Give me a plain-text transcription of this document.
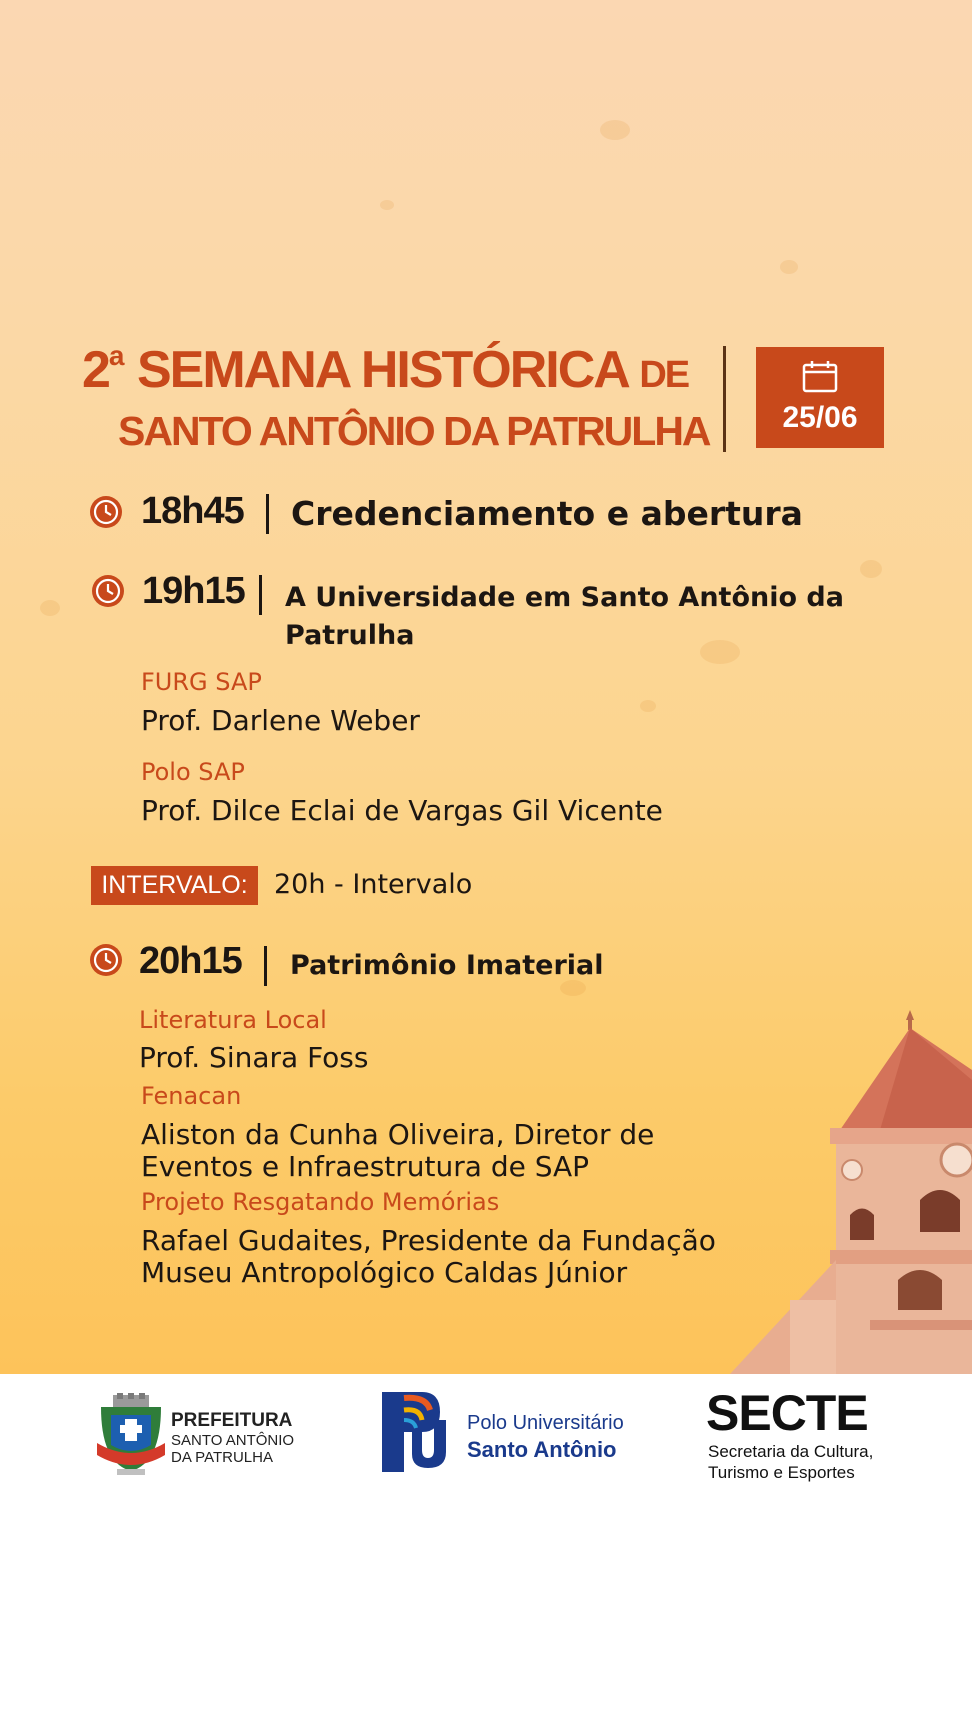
2$^a$ SEMANA HISTÓRICA DE
SANTO ANTÔNIO DA PATRULHA	25/06
18h45 Credenciamento e abertura
19h15 A Universidade em Santo Antônio da Patrulha
FURG SAP
Prof. Darlene Weber
Polo SAP
Prof. Dilce Eclai de Vargas Gil Vicente
INTERVALO: 20h - Intervalo
20h15 Patrimônio Imaterial
Literatura Local
Prof. Sinara Foss
Fenacan
Aliston da Cunha Oliveira, Diretor de Eventos e Infraestrutura de SAP
Projeto Resgatando Memórias
Rafael Gudaites, Presidente da Fundação Museu Antropológico Caldas Júnior
PREFEITURA
SANTO ANTÔNIO
DA PATRULHA
Polo Universitário
Santo Antônio
SECTE
Secretaria da Cultura,
Turismo e Esportes
